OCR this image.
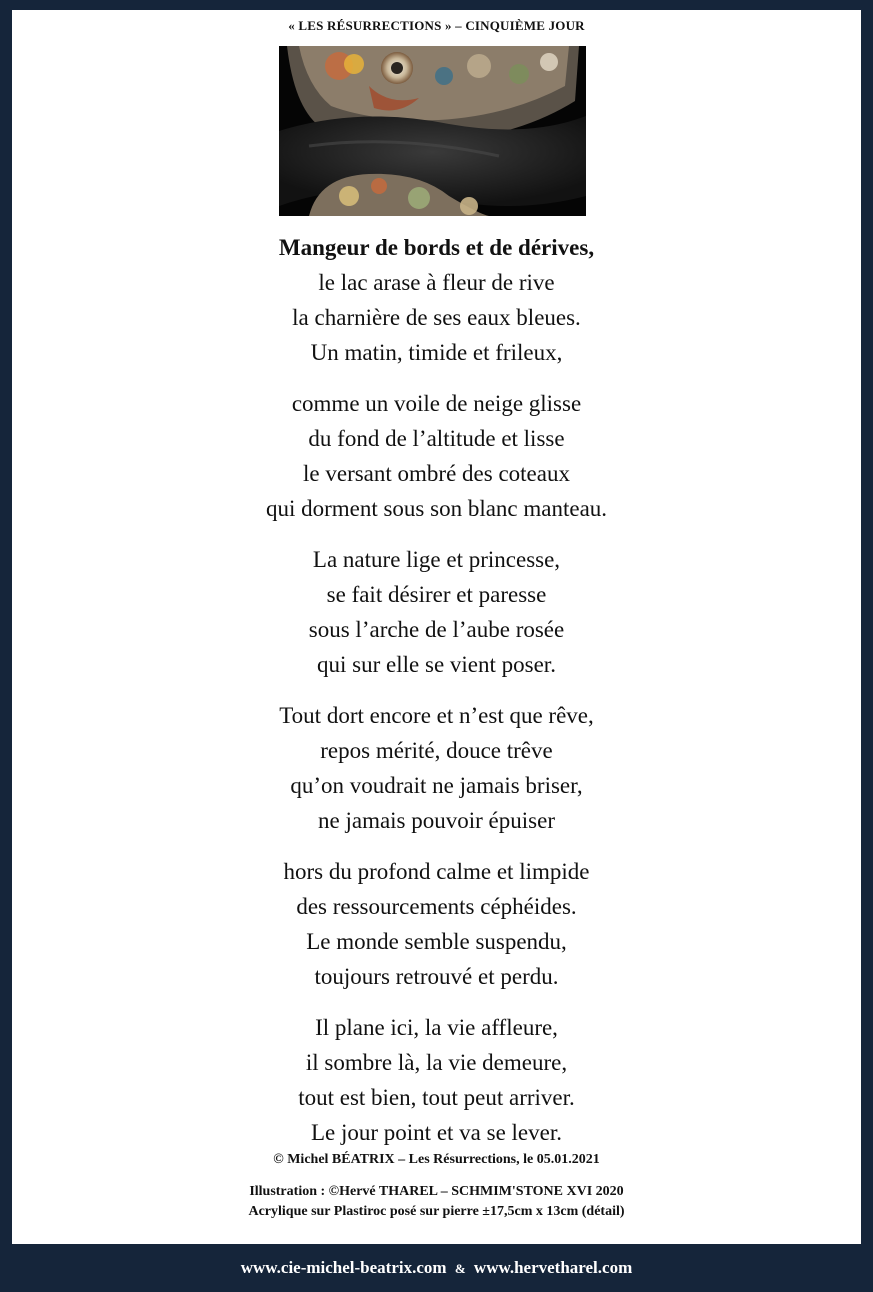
« LES RÉSURRECTIONS » – CINQUIÈME JOUR
Mangeur de bords et de dérives,
le lac arase à fleur de rive
la charnière de ses eaux bleues.
Un matin, timide et frileux,
comme un voile de neige glisse
du fond de l’altitude et lisse
le versant ombré des coteaux
qui dorment sous son blanc manteau.
La nature lige et princesse,
se fait désirer et paresse
sous l’arche de l’aube rosée
qui sur elle se vient poser.
Tout dort encore et n’est que rêve,
repos mérité, douce trêve
qu’on voudrait ne jamais briser,
ne jamais pouvoir épuiser
hors du profond calme et limpide
des ressourcements céphéides.
Le monde semble suspendu,
toujours retrouvé et perdu.
Il plane ici, la vie affleure,
il sombre là, la vie demeure,
tout est bien, tout peut arriver.
Le jour point et va se lever.
© Michel BÉATRIX – Les Résurrections, le 05.01.2021
Illustration : ©Hervé THAREL – SCHMIM'STONE XVI 2020
Acrylique sur Plastiroc posé sur pierre ±17,5cm x 13cm (détail)
www.cie-michel-beatrix.com & www.hervetharel.com
